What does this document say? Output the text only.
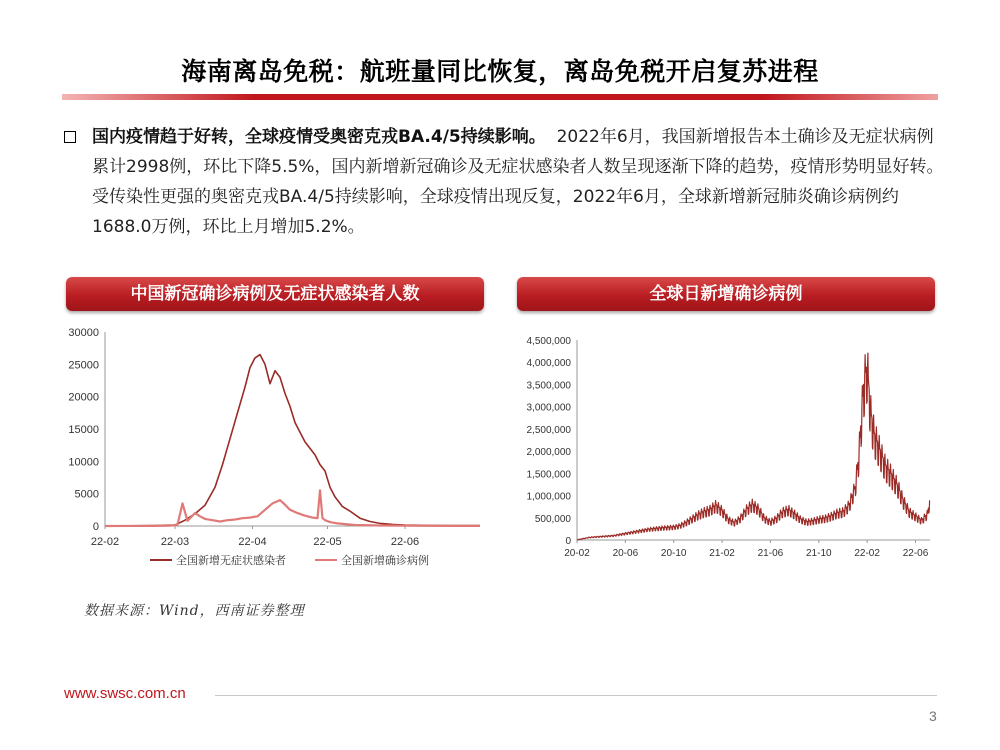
海南离岛免税：航班量同比恢复，离岛免税开启复苏进程
国内疫情趋于好转，全球疫情受奥密克戎BA.4/5持续影响。 2022年6月，我国新增报告本土确诊及无症状病例累计2998例，环比下降5.5%，国内新增新冠确诊及无症状感染者人数呈现逐渐下降的趋势，疫情形势明显好转。受传染性更强的奥密克戎BA.4/5持续影响，全球疫情出现反复，2022年6月，全球新增新冠肺炎确诊病例约1688.0万例，环比上月增加5.2%。
中国新冠确诊病例及无症状感染者人数	全球日新增确诊病例
0
5000
10000
15000
20000
25000
30000
22-02	22-03	22-04	22-05	22-06
全国新增无症状感染者	全国新增确诊病例
0
500,000
1,000,000
1,500,000
2,000,000
2,500,000
3,000,000
3,500,000
4,000,000
4,500,000
20-02 20-06 20-10 21-02 21-06 21-10 22-02 22-06
数据来源：Wind，西南证券整理
www.swsc.com.cn
3
